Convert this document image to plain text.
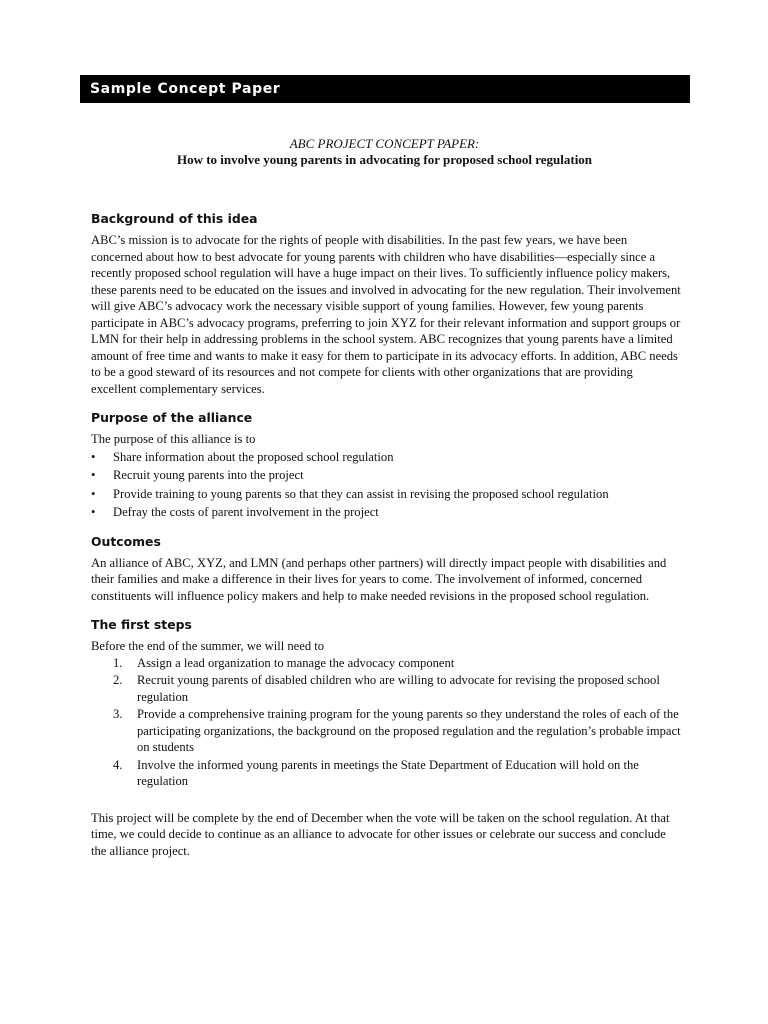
Sample Concept Paper
ABC PROJECT CONCEPT PAPER:
How to involve young parents in advocating for proposed school regulation
Background of this idea

ABC’s mission is to advocate for the rights of people with disabilities. In the past few years, we have been concerned about how to best advocate for young parents with children who have disabilities—especially since a recently proposed school regulation will have a huge impact on their lives. To sufficiently influence policy makers, these parents need to be educated on the issues and involved in advocating for the new regulation. Their involvement will give ABC’s advocacy work the necessary visible support of young families. However, few young parents participate in ABC’s advocacy programs, preferring to join XYZ for their relevant information and support groups or LMN for their help in addressing problems in the school system. ABC recognizes that young parents have a limited amount of free time and wants to make it easy for them to participate in its advocacy efforts. In addition, ABC needs to be a good steward of its resources and not compete for clients with other organizations that are providing excellent complementary services.

Purpose of the alliance

The purpose of this alliance is to

• Share information about the proposed school regulation
• Recruit young parents into the project
• Provide training to young parents so that they can assist in revising the proposed school regulation
• Defray the costs of parent involvement in the project
Outcomes

An alliance of ABC, XYZ, and LMN (and perhaps other partners) will directly impact people with disabilities and their families and make a difference in their lives for years to come. The involvement of informed, concerned constituents will influence policy makers and help to make needed revisions in the proposed school regulation.

The first steps

Before the end of the summer, we will need to

1. Assign a lead organization to manage the advocacy component
2. Recruit young parents of disabled children who are willing to advocate for revising the proposed school regulation
3. Provide a comprehensive training program for the young parents so they understand the roles of each of the participating organizations, the background on the proposed regulation and the regulation’s probable impact on students
4. Involve the informed young parents in meetings the State Department of Education will hold on the regulation

This project will be complete by the end of December when the vote will be taken on the school regulation. At that time, we could decide to continue as an alliance to advocate for other issues or celebrate our success and conclude the alliance project.
